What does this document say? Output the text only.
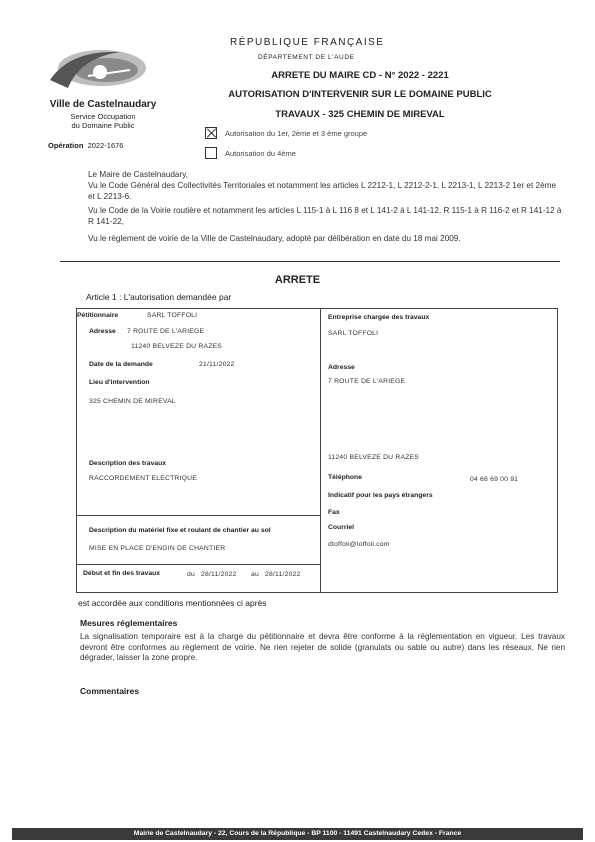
Ville de Castelnaudary
Service Occupation
du Domaine Public
Opération 2022-1676
RÉPUBLIQUE FRANÇAISE
DÉPARTEMENT DE L'AUDE
ARRETE DU MAIRE CD - N° 2022 - 2221
AUTORISATION D'INTERVENIR SUR LE DOMAINE PUBLIC
TRAVAUX - 325 CHEMIN DE MIREVAL
Autorisation du 1er, 2ème et 3 ème groupe
Autorisation du 4ème
Le Maire de Castelnaudary,
Vu le Code Général des Collectivités Territoriales et notamment les articles L 2212-1, L 2212-2-1, L 2213-1, L 2213-2 1er et 2ème et L 2213-6.
Vu le Code de la Voirie routière et notamment les articles L 115-1 à L 116 8 et L 141-2 à L 141-12, R 115-1 à R 116-2 et R 141-12 à R 141-22,
Vu le règlement de voirie de la Ville de Castelnaudary, adopté par délibération en date du 18 mai 2009.
ARRETE
Article 1 : L'autorisation demandée par
Pétitionnaire	SARL TOFFOLI
Adresse 7 ROUTE DE L'ARIEGE
11240 BELVEZE DU RAZES
Date de la demande	21/11/2022
Lieu d'intervention
325 CHEMIN DE MIREVAL
Description des travaux
RACCORDEMENT ELECTRIQUE
Description du matériel fixe et roulant de chantier au sol
MISE EN PLACE D'ENGIN DE CHANTIER
Début et fin des travaux	du 28/11/2022 au 28/11/2022
Entreprise chargée des travaux
SARL TOFFOLI
Adresse
7 ROUTE DE L'ARIEGE
11240 BELVEZE DU RAZES
Téléphone	04 68 69 00 91
Indicatif pour les pays étrangers
Fax
Courriel
dtoffoli@toffoli.com
est accordée aux conditions mentionnées ci après
Mesures réglementaires
La signalisation temporaire est à la charge du pétitionnaire et devra être conforme à la réglementation en vigueur. Les travaux devront être conformes au règlement de voirie. Ne rien rejeter de solide (granulats ou sable ou autre) dans les réseaux. Ne rien dégrader, laisser la zone propre.
Commentaires
Mairie de Castelnaudary - 22, Cours de la République - BP 1100 - 11491 Castelnaudary Cedex - France
